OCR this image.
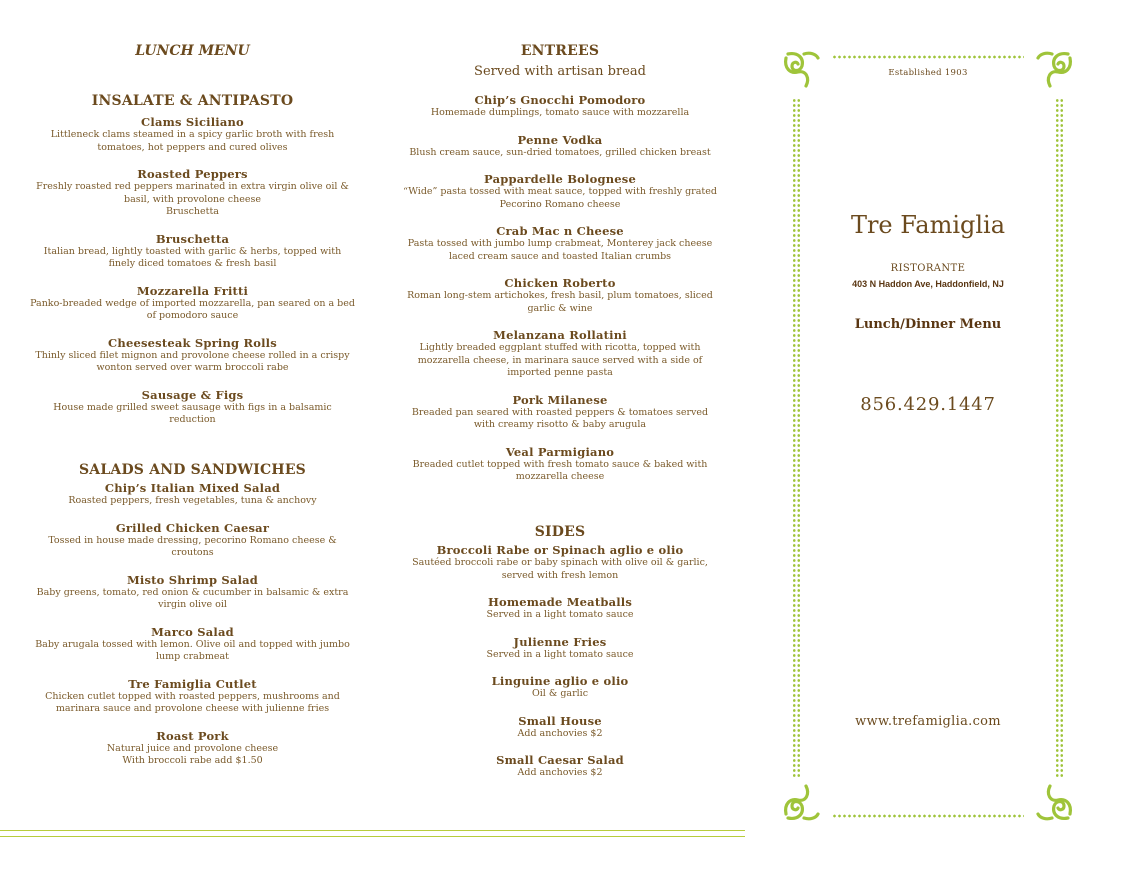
LUNCH MENU
INSALATE & ANTIPASTO
Clams Siciliano
Littleneck clams steamed in a spicy garlic broth with fresh tomatoes, hot peppers and cured olives
Roasted Peppers
Freshly roasted red peppers marinated in extra virgin olive oil & basil, with provolone cheese
Bruschetta
Bruschetta
Italian bread, lightly toasted with garlic & herbs, topped with finely diced tomatoes & fresh basil
Mozzarella Fritti
Panko-breaded wedge of imported mozzarella, pan seared on a bed of pomodoro sauce
Cheesesteak Spring Rolls
Thinly sliced filet mignon and provolone cheese rolled in a crispy wonton served over warm broccoli rabe
Sausage & Figs
House made grilled sweet sausage with figs in a balsamic reduction
SALADS AND SANDWICHES
Chip’s Italian Mixed Salad
Roasted peppers, fresh vegetables, tuna & anchovy
Grilled Chicken Caesar
Tossed in house made dressing, pecorino Romano cheese & croutons
Misto Shrimp Salad
Baby greens, tomato, red onion & cucumber in balsamic & extra virgin olive oil
Marco Salad
Baby arugala tossed with lemon. Olive oil and topped with jumbo lump crabmeat
Tre Famiglia Cutlet
Chicken cutlet topped with roasted peppers, mushrooms and marinara sauce and provolone cheese with julienne fries
Roast Pork
Natural juice and provolone cheese
With broccoli rabe add $1.50
ENTREES
Served with artisan bread
Chip’s Gnocchi Pomodoro
Homemade dumplings, tomato sauce with mozzarella
Penne Vodka
Blush cream sauce, sun-dried tomatoes, grilled chicken breast
Pappardelle Bolognese
“Wide” pasta tossed with meat sauce, topped with freshly grated Pecorino Romano cheese
Crab Mac n Cheese
Pasta tossed with jumbo lump crabmeat, Monterey jack cheese laced cream sauce and toasted Italian crumbs
Chicken Roberto
Roman long-stem artichokes, fresh basil, plum tomatoes, sliced garlic & wine
Melanzana Rollatini
Lightly breaded eggplant stuffed with ricotta, topped with mozzarella cheese, in marinara sauce served with a side of imported penne pasta
Pork Milanese
Breaded pan seared with roasted peppers & tomatoes served with creamy risotto & baby arugula
Veal Parmigiano
Breaded cutlet topped with fresh tomato sauce & baked with mozzarella cheese
SIDES
Broccoli Rabe or Spinach aglio e olio
Sautéed broccoli rabe or baby spinach with olive oil & garlic, served with fresh lemon
Homemade Meatballs
Served in a light tomato sauce
Julienne Fries
Served in a light tomato sauce
Linguine aglio e olio
Oil & garlic
Small House
Add anchovies $2
Small Caesar Salad
Add anchovies $2
Established 1903
Tre Famiglia
RISTORANTE
403 N Haddon Ave, Haddonfield, NJ
Lunch/Dinner Menu
856.429.1447
www.trefamiglia.com
